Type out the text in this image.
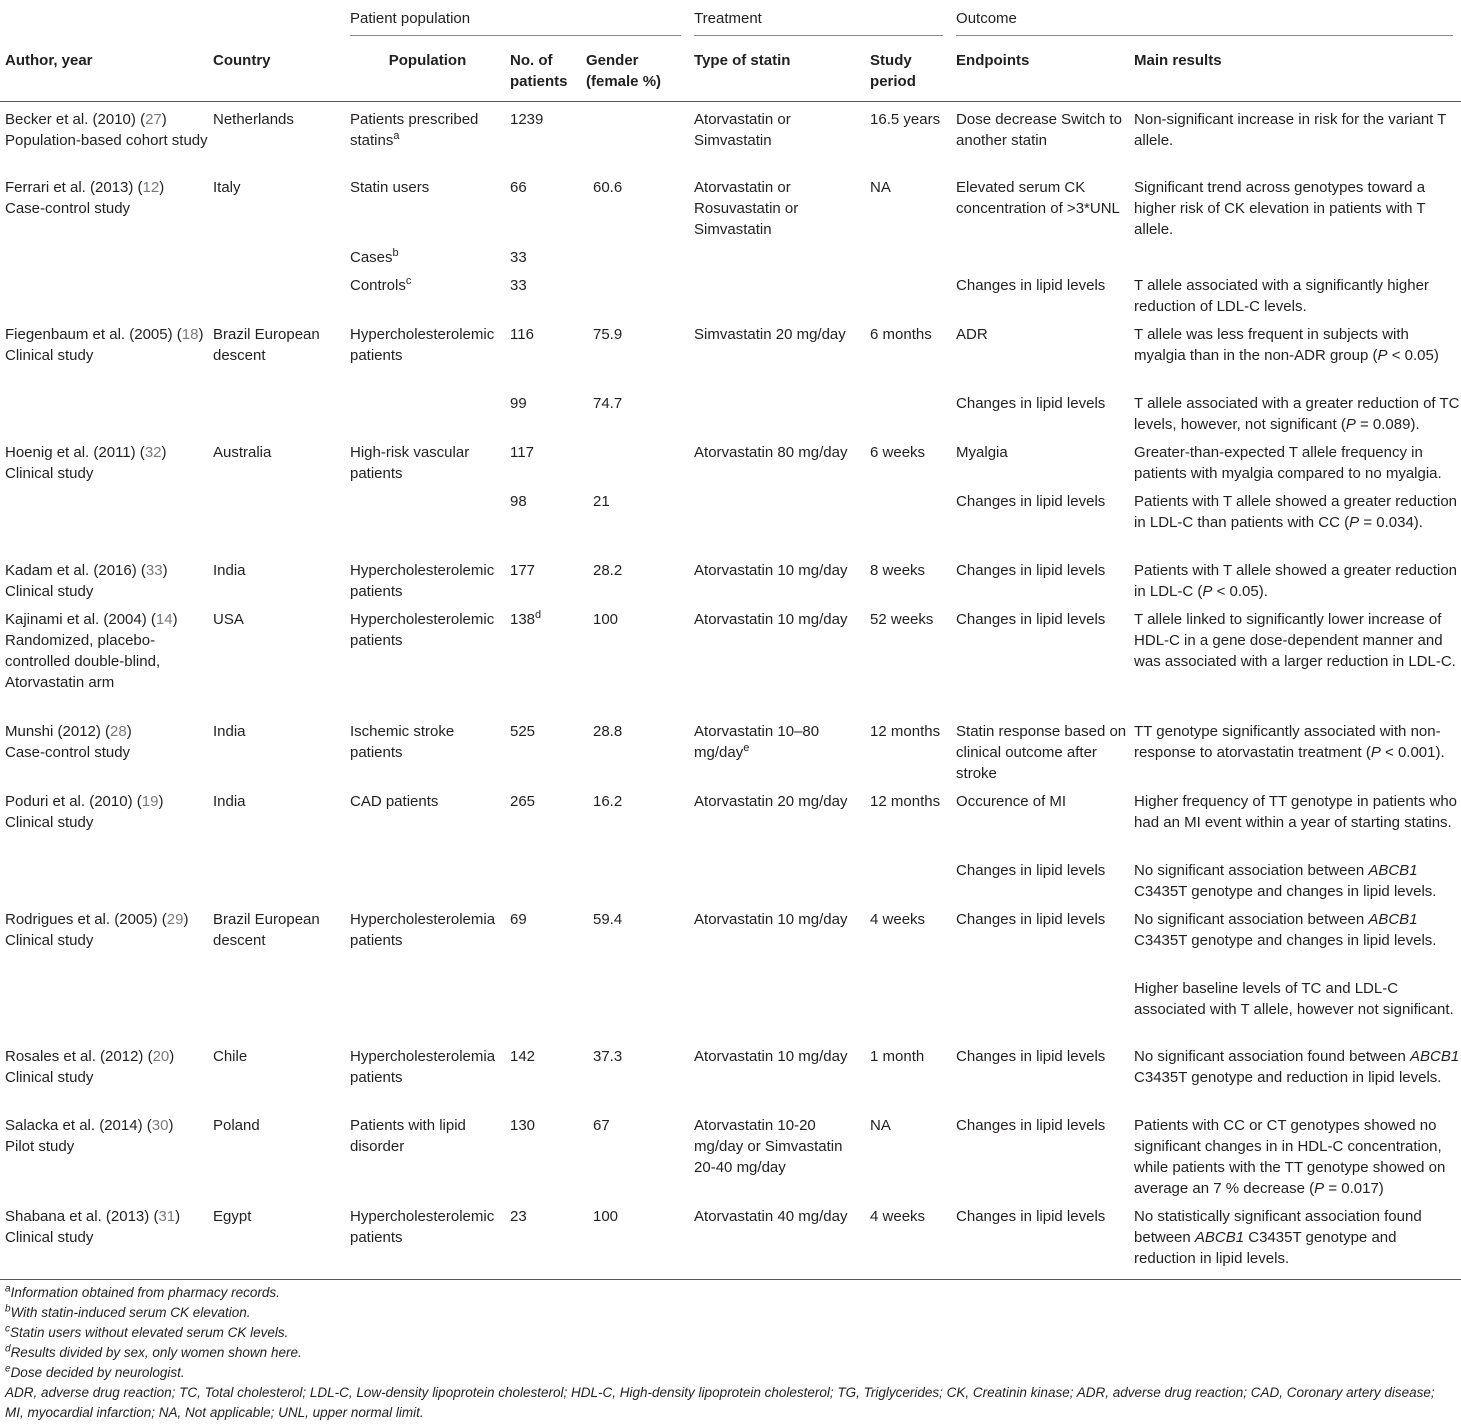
		Patient population			Treatment		Outcome	

Author, year	Country	Population	No. of patients	Gender (female %)	Type of statin	Study period	Endpoints	Main results
Becker et al. (2010) (27)
Population-based cohort study	Netherlands	Patients prescribed statins$^a$	1239		Atorvastatin or Simvastatin	16.5 years	Dose decrease Switch to another statin	Non-significant increase in risk for the variant T allele.
Ferrari et al. (2013) (12)
Case-control study	Italy	Statin users	66	60.6	Atorvastatin or Rosuvastatin or Simvastatin	NA	Elevated serum CK concentration of >3*UNL	Significant trend across genotypes toward a higher risk of CK elevation in patients with T allele.
		Cases$^b$	33					
		Controls$^c$	33				Changes in lipid levels	T allele associated with a significantly higher reduction of LDL-C levels.
Fiegenbaum et al. (2005) (18)
Clinical study	Brazil European descent	Hypercholesterolemic patients	116	75.9	Simvastatin 20 mg/day	6 months	ADR	T allele was less frequent in subjects with myalgia than in the non-ADR group (P < 0.05)
			99	74.7			Changes in lipid levels	T allele associated with a greater reduction of TC levels, however, not significant (P = 0.089).
Hoenig et al. (2011) (32)
Clinical study	Australia	High-risk vascular patients	117		Atorvastatin 80 mg/day	6 weeks	Myalgia	Greater-than-expected T allele frequency in patients with myalgia compared to no myalgia.
			98	21			Changes in lipid levels	Patients with T allele showed a greater reduction in LDL-C than patients with CC (P = 0.034).
Kadam et al. (2016) (33)
Clinical study	India	Hypercholesterolemic patients	177	28.2	Atorvastatin 10 mg/day	8 weeks	Changes in lipid levels	Patients with T allele showed a greater reduction in LDL-C (P < 0.05).
Kajinami et al. (2004) (14)
Randomized, placebo-controlled double-blind, Atorvastatin arm	USA	Hypercholesterolemic patients	138$^d$	100	Atorvastatin 10 mg/day	52 weeks	Changes in lipid levels	T allele linked to significantly lower increase of HDL-C in a gene dose-dependent manner and was associated with a larger reduction in LDL-C.
Munshi (2012) (28)
Case-control study	India	Ischemic stroke patients	525	28.8	Atorvastatin 10–80 mg/day$^e$	12 months	Statin response based on clinical outcome after stroke	TT genotype significantly associated with non-response to atorvastatin treatment (P < 0.001).
Poduri et al. (2010) (19)
Clinical study	India	CAD patients	265	16.2	Atorvastatin 20 mg/day	12 months	Occurence of MI	Higher frequency of TT genotype in patients who had an MI event within a year of starting statins.
							Changes in lipid levels	No significant association between ABCB1 C3435T genotype and changes in lipid levels.
Rodrigues et al. (2005) (29)
Clinical study	Brazil European descent	Hypercholesterolemia patients	69	59.4	Atorvastatin 10 mg/day	4 weeks	Changes in lipid levels	No significant association between ABCB1 C3435T genotype and changes in lipid levels.
								Higher baseline levels of TC and LDL-C associated with T allele, however not significant.
Rosales et al. (2012) (20)
Clinical study	Chile	Hypercholesterolemia patients	142	37.3	Atorvastatin 10 mg/day	1 month	Changes in lipid levels	No significant association found between ABCB1 C3435T genotype and reduction in lipid levels.
Salacka et al. (2014) (30)
Pilot study	Poland	Patients with lipid disorder	130	67	Atorvastatin 10-20 mg/day or Simvastatin 20-40 mg/day	NA	Changes in lipid levels	Patients with CC or CT genotypes showed no significant changes in in HDL-C concentration, while patients with the TT genotype showed on average an 7 % decrease (P = 0.017)
Shabana et al. (2013) (31)
Clinical study	Egypt	Hypercholesterolemic patients	23	100	Atorvastatin 40 mg/day	4 weeks	Changes in lipid levels	No statistically significant association found between ABCB1 C3435T genotype and reduction in lipid levels.
$^a$Information obtained from pharmacy records.
$^b$With statin-induced serum CK elevation.
$^c$Statin users without elevated serum CK levels.
$^d$Results divided by sex, only women shown here.
$^e$Dose decided by neurologist.
ADR, adverse drug reaction; TC, Total cholesterol; LDL-C, Low-density lipoprotein cholesterol; HDL-C, High-density lipoprotein cholesterol; TG, Triglycerides; CK, Creatinin kinase; ADR, adverse drug reaction; CAD, Coronary artery disease; MI, myocardial infarction; NA, Not applicable; UNL, upper normal limit.
